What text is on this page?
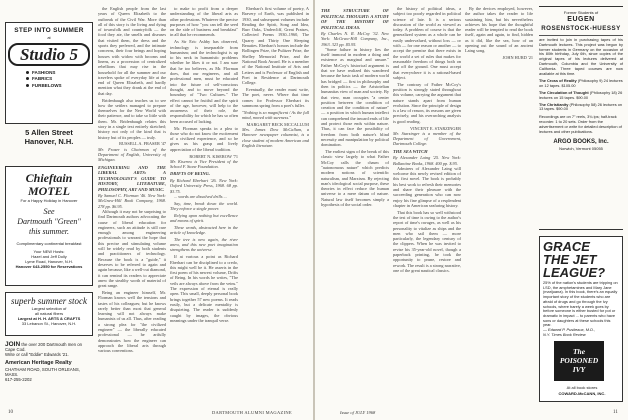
STEP INTO SUMMER
at
Studio 5
FASHIONS
FABRICS
FURBELOWS
5 Allen Street
Hanover, N.H.
Chieftain MOTEL
For a Happy Holiday in Hanover
See
Dartmouth "Green"
this summer.
Complimentary continental breakfast
Your NEW Hosts:
Hazel and Jeff Dolly
Lyme Road, Hanover, N.H.
Hanover 643-2550 for Reservations
superb summer stock
Largest selection of
all natural fibers
Largest at H. H. ARTS & CRAFTS
33 Lebanon St., Hanover, N.H.
JOIN the over 200 Dartmouth men on Cape Cod.
Write or call "Eddie" Edwards '21.
American Heritage Realty
CHATHAM ROAD, SOUTH ORLEANS, MASS.
617-255-2202

the English people from the last years of Queen Elizabeth to the outbreak of the Civil War. More than all of this story is the living and dying of townsfolk and countryfolk — the food they ate, the smells and diseases that visited them, the dress and the sports they preferred, and the intimate concerns, their four beings and hoping houses with widow with brooms and linens, as a procession of centralized rebellions that may rise in the household for all the summer and our travelers spoke of everyday life at the end of Queen Elizabeth, and hardly mention what they drank at the end of that day.

Bridenbaugh also teaches us to see how the settlers managed to prepare themselves for the New World with their patience, and to take so little with them. Mr. Bridenbaugh relates this story in a single text entirely sketched; history not only of the kind that is history but of its peoples — truly.

RUSSELL A. FRASER '47
Mr. Fraser is Chairman of the Department of English, University of Michigan.
ENGINEERING AND THE LIBERAL ARTS: A TECHNOLOGIST'S GUIDE TO HISTORY, LITERATURE, PHILOSOPHY, ART AND MUSIC.
By Samuel C. Florman '46. New York: McGraw-Hill Book Company, 1968. 278 pp. $6.95.

Although it may not be surprising to find Dartmouth authors advocating the cause of liberal education for engineers, such an attitude is still rare enough among engineering professionals to warrant the hope that this precise and stimulating volume will be widely read by both students and practitioners of technology. Because the book is a "guide," it deserves to be referred to again and again because, like a well-cut diamond, it can remind its readers to appreciate anew the stealthy worth of material of great range.

Being an engineer himself, Mr. Florman knows well the tensions and tastes of his colleagues; but he knows rarely better than most that general learning will not always make humanists of us all. Thus, after reading a strong plea for "the civilized engineer" — the liberally educated professional — he artfully demonstrates how the engineer can approach the liberal arts through various conventions.

to make to profit from a deeper understanding of the liberal arts as other professions. Whatever the precise purposes of how "you can tell the seed on the side of business and breakfast" in all that he recommends.

As Sir Eric Ashby has observed, technology is inseparable from humanism; and the technologist is up to his neck in humanistic problems whether he likes it or not. I am sure that he too believes, as Mr. Florman does, that our engineers, and all professional men, must be educated into the future of self-conscious thought, and to move beyond the boundary of "Two Cultures." The effect cannot be fruitful and the spirit of the age, however, will help to the awareness of their role, the responsibility for which he has so often been accused of lacking.

Mr. Florman speaks in a plea to those who do not know the excitement of a civilized experience, and so he gives us his grasp and lively appreciation of the liberal tradition.

ROBERT N. KISEROW '71
Mr. Kiserow is Vice President of the School F. Stone Foundation.
DRIFTS OF BEING.
By Richard Eberhart '26. New York: Oxford University Press, 1968. 68 pp. $3.75.

... words are dissolved drills ...

Say, time, break down the world. They enforce a single power.

Relying upon nothing but excellence and means of spirit.

These words, abstracted here in the article of knowledge.

The tree is new again, the river anew, and this new poet imagination strengthens the universe.

If at various a point as Richard Eberhart can be disciplined to a credo, this might well be it. He asserts in the first poem of his newest volume, Drifts of Being. In his words he writes, "The veils are always above from the veins." The expression of eternal is really open. This small, deeply personal book brings together 57 new poems. It reads easily, but a delicate mentality is disquieting. The reader is suddenly caught by images, the obvious meanings under the tranquil verse.

Eberhart's first volume of poetry, A Bravery of Earth, was published in 1930, and subsequent volumes include Reading the Spirit, Song and Idea, Burr Oaks, Undercliff, Great Praises, Collected Poems 1930–1960, The Quarry and Thirty One Sleeping Beauties. Eberhart's honors include the Bollingen Prize, the Pulitzer Prize, the Shelley Memorial Prize, and the National Book Award. He is a member of the National Institute of Arts and Letters and is Professor of English and Poet in Residence at Dartmouth College.

Eventually, the reader must write, The poet, never. Where that time comes for Professor Eberhart its summons spring from a poet's fuller.

"Nothing is so magnificent / As the full mind, moved with sureness."

MARGARET BECK MCCALLUM
Mrs. James Dow McCallum, a Hanover newspaper columnist, is a close student of modern American and English literature.
10
THE STRUCTURE OF POLITICAL THOUGHT: A STUDY OF THE HISTORY OF POLITICAL IDEAS.
By Charles N. R. McCoy '32. New York: McGraw-Hill Company, Inc., 1963. 323 pp. $5.95.

"Some failure in history lies the itself immoral in modern a thing and existence as marginal and unsure." Father McCoy's historical argument is that we have realized this wandered because the basic task of modern world has bridged — first in philosophy and then in politics — the Aristotelian humanitas view of man and society. By that view, man occupies "a center position between the condition of creation and the condition of nature" — a position in which human intellect can comprehend the inward ends of life and protect those ends within nature. Thus, it can face the possibility of freedom from both nature's blind necessity and manipulation by political domination.

The earliest signs of the break of this classic view largely to what Father McCoy calls the chasm of "autonomous nature" which predicts modern notions of scientific naturalism, and Marxism. By rejecting man's ideological social purpose, these theories in effect reduce the human universe to a mere datum of nature. Natural law itself becomes simply a hypothesis of the social order.

the history of political ideas, a subject too poorly regarded in political science of late. It is a serious discussion of the world as viewed as today. A problem of course is that the generalized system as a whole can be easily undervalued, without loss — or with — for one reason or another — to accept the premise that there exists in the world a set of rules that makes for reasonable freedom of things both on and off the ground. One must accept that everywhere it is a rational-based subject.

The contrary of Father McCoy's position is strongly stated throughout this volume, carrying the argument that nature stands apart from human evolution. Since the principle of design is a law of reason, its reasons are given precisely, and his overarching analysis is good reading.

VINCENT E. STARZINGER
Mr. Starzinger is a member of the Department of Government, Dartmouth College.
THE SEA WITCH
By Alexander Laing '25. New York: Ballantine Books, 1968. 400 pp. $.95.

Admirers of Alexander Laing will welcome this newly revised edition of this first novel. The book is probably his best work to refresh their memories and share their pleasure with the succeeding generation who can now enjoy his fine glimpse of a resplendent chapter in American seafaring history.

That this book has so well withstood the test of time is owing to the author's report of time's ravages, as well as his personality to vitalize as ships and the men who sail them — more particularly, the legendary century of the clippers. When he was invited to revise his 35-year-old novel, though a paperback printing, he took the opportunity to prune, restore and rework. The result is a strong narrative, one of the great nautical classics.

By the devices employed, however, the author takes the reader to life sustaining him, but his nevertheless achieves his hope that the thoughtful reader will be tempted to read the book itself, again and again, to find, hidden as it did, like the sea, how of an opening out the sound of an ancient Laing song.

JOHN HURD '21
Former Students of
EUGEN
ROSENSTOCK-HUESSY
are invited to join in purchasing tapes of his Dartmouth lectures. This project was begun by former students in Germany on the occasion of his 80th birthday, July 6th, since copies of the original tapes of his lectures delivered at Dartmouth, Columbia and the University of California. Three taped courses are now available at this time.
The Cross of Reality (Philosophy 9) 24 lectures on 12 tapes. $105.00
The Circulation of Thought (Philosophy 18) 26 lectures on 15 tapes. $90.00
The Christianity (Philosophy 58) 26 lectures on 13 tapes. $90.00
Recordings are on 7" reels, 3¾ ips; half-track recorder. 1 to 20 sets. Order from the advertisement or write for detailed description of lectures and other publications.
ARGO BOOKS, Inc.
Norwich, Vermont 05055
GRACE THE JET LEAGUE?
25% of the nation's students are tripping on LSD, the amphetamines and Mary Jane (marijuana). In this book, there's an equally important story of the students who are afraid of drugs and go through the Ivy schools, where barely a week goes by before someone is either busted for pot or dramatic in impact ... to parents who have sons or daughters at these schools this year.
— Edward P. Pusiteaux, M.D.,
N.Y. Times Book Review
The POISONED IVY
WILLIAM BRAUCE
At all book stores
COWARD-McCANN, INC.
11
DARTMOUTH ALUMNI MAGAZINE	Issue of JULY 1968
